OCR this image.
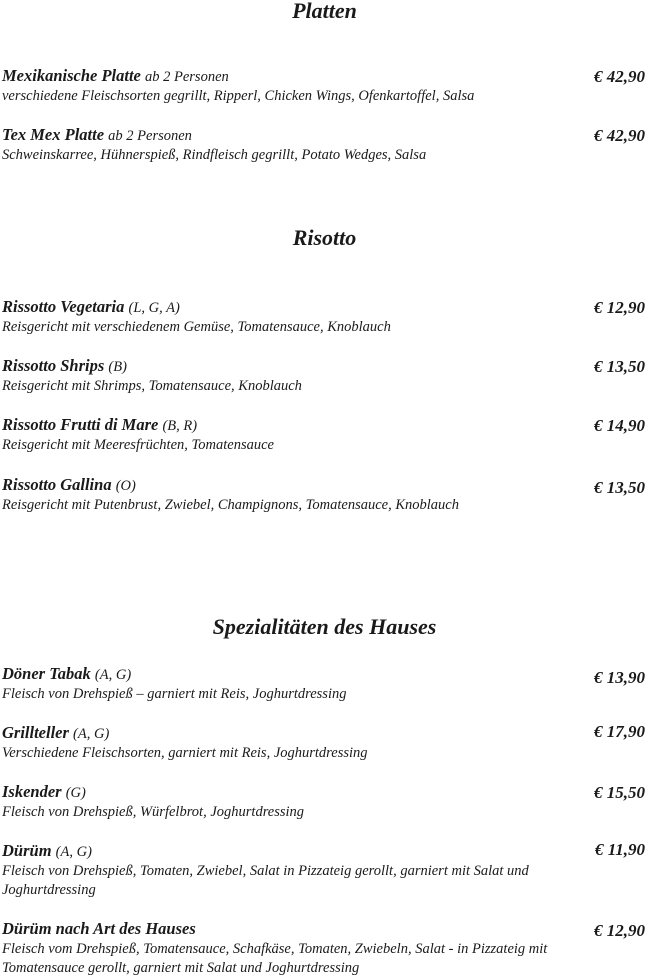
Platten
Mexikanische Platte ab 2 Personen
verschiedene Fleischsorten gegrillt, Ripperl, Chicken Wings, Ofenkartoffel, Salsa
€ 42,90
Tex Mex Platte ab 2 Personen
Schweinskarree, Hühnerspieß, Rindfleisch gegrillt, Potato Wedges, Salsa
€ 42,90
Risotto
Rissotto Vegetaria (L, G, A)
Reisgericht mit verschiedenem Gemüse, Tomatensauce, Knoblauch
€ 12,90
Rissotto Shrips (B)
Reisgericht mit Shrimps, Tomatensauce, Knoblauch
€ 13,50
Rissotto Frutti di Mare (B, R)
Reisgericht mit Meeresfrüchten, Tomatensauce
€ 14,90
Rissotto Gallina (O)
Reisgericht mit Putenbrust, Zwiebel, Champignons, Tomatensauce, Knoblauch
€ 13,50
Spezialitäten des Hauses
Döner Tabak (A, G)
Fleisch von Drehspieß – garniert mit Reis, Joghurtdressing
€ 13,90
Grillteller (A, G)
Verschiedene Fleischsorten, garniert mit Reis, Joghurtdressing
€ 17,90
Iskender (G)
Fleisch von Drehspieß, Würfelbrot, Joghurtdressing
€ 15,50
Dürüm (A, G)
Fleisch von Drehspieß, Tomaten, Zwiebel, Salat in Pizzateig gerollt, garniert mit Salat und Joghurtdressing
€ 11,90
Dürüm nach Art des Hauses
Fleisch vom Drehspieß, Tomatensauce, Schafkäse, Tomaten, Zwiebeln, Salat - in Pizzateig mit Tomatensauce gerollt, garniert mit Salat und Joghurtdressing
€ 12,90
